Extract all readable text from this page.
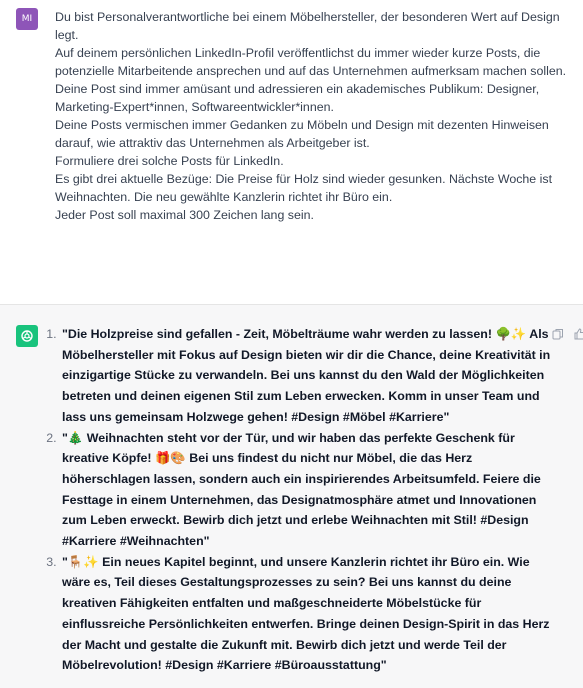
MI	Du bist Personalverantwortliche bei einem Möbelhersteller, der besonderen Wert auf Design legt.

Auf deinem persönlichen LinkedIn-Profil veröffentlichst du immer wieder kurze Posts, die potenzielle Mitarbeitende ansprechen und auf das Unternehmen aufmerksam machen sollen.

Deine Post sind immer amüsant und adressieren ein akademisches Publikum: Designer, Marketing-Expert*innen, Softwareentwickler*innen.

Deine Posts vermischen immer Gedanken zu Möbeln und Design mit dezenten Hinweisen darauf, wie attraktiv das Unternehmen als Arbeitgeber ist.

Formuliere drei solche Posts für LinkedIn.

Es gibt drei aktuelle Bezüge: Die Preise für Holz sind wieder gesunken. Nächste Woche ist Weihnachten. Die neu gewählte Kanzlerin richtet ihr Büro ein.

Jeder Post soll maximal 300 Zeichen lang sein.

1. "Die Holzpreise sind gefallen - Zeit, Möbelträume wahr werden zu lassen! 🌳✨ Als Möbelhersteller mit Fokus auf Design bieten wir dir die Chance, deine Kreativität in einzigartige Stücke zu verwandeln. Bei uns kannst du den Wald der Möglichkeiten betreten und deinen eigenen Stil zum Leben erwecken. Komm in unser Team und lass uns gemeinsam Holzwege gehen! #Design #Möbel #Karriere"
2. "🎄 Weihnachten steht vor der Tür, und wir haben das perfekte Geschenk für kreative Köpfe! 🎁🎨 Bei uns findest du nicht nur Möbel, die das Herz höherschlagen lassen, sondern auch ein inspirierendes Arbeitsumfeld. Feiere die Festtage in einem Unternehmen, das Designatmosphäre atmet und Innovationen zum Leben erweckt. Bewirb dich jetzt und erlebe Weihnachten mit Stil! #Design #Karriere #Weihnachten"
3. "🪑✨ Ein neues Kapitel beginnt, und unsere Kanzlerin richtet ihr Büro ein. Wie wäre es, Teil dieses Gestaltungsprozesses zu sein? Bei uns kannst du deine kreativen Fähigkeiten entfalten und maßgeschneiderte Möbelstücke für einflussreiche Persönlichkeiten entwerfen. Bringe deinen Design-Spirit in das Herz der Macht und gestalte die Zukunft mit. Bewirb dich jetzt und werde Teil der Möbelrevolution! #Design #Karriere #Büroausstattung"
